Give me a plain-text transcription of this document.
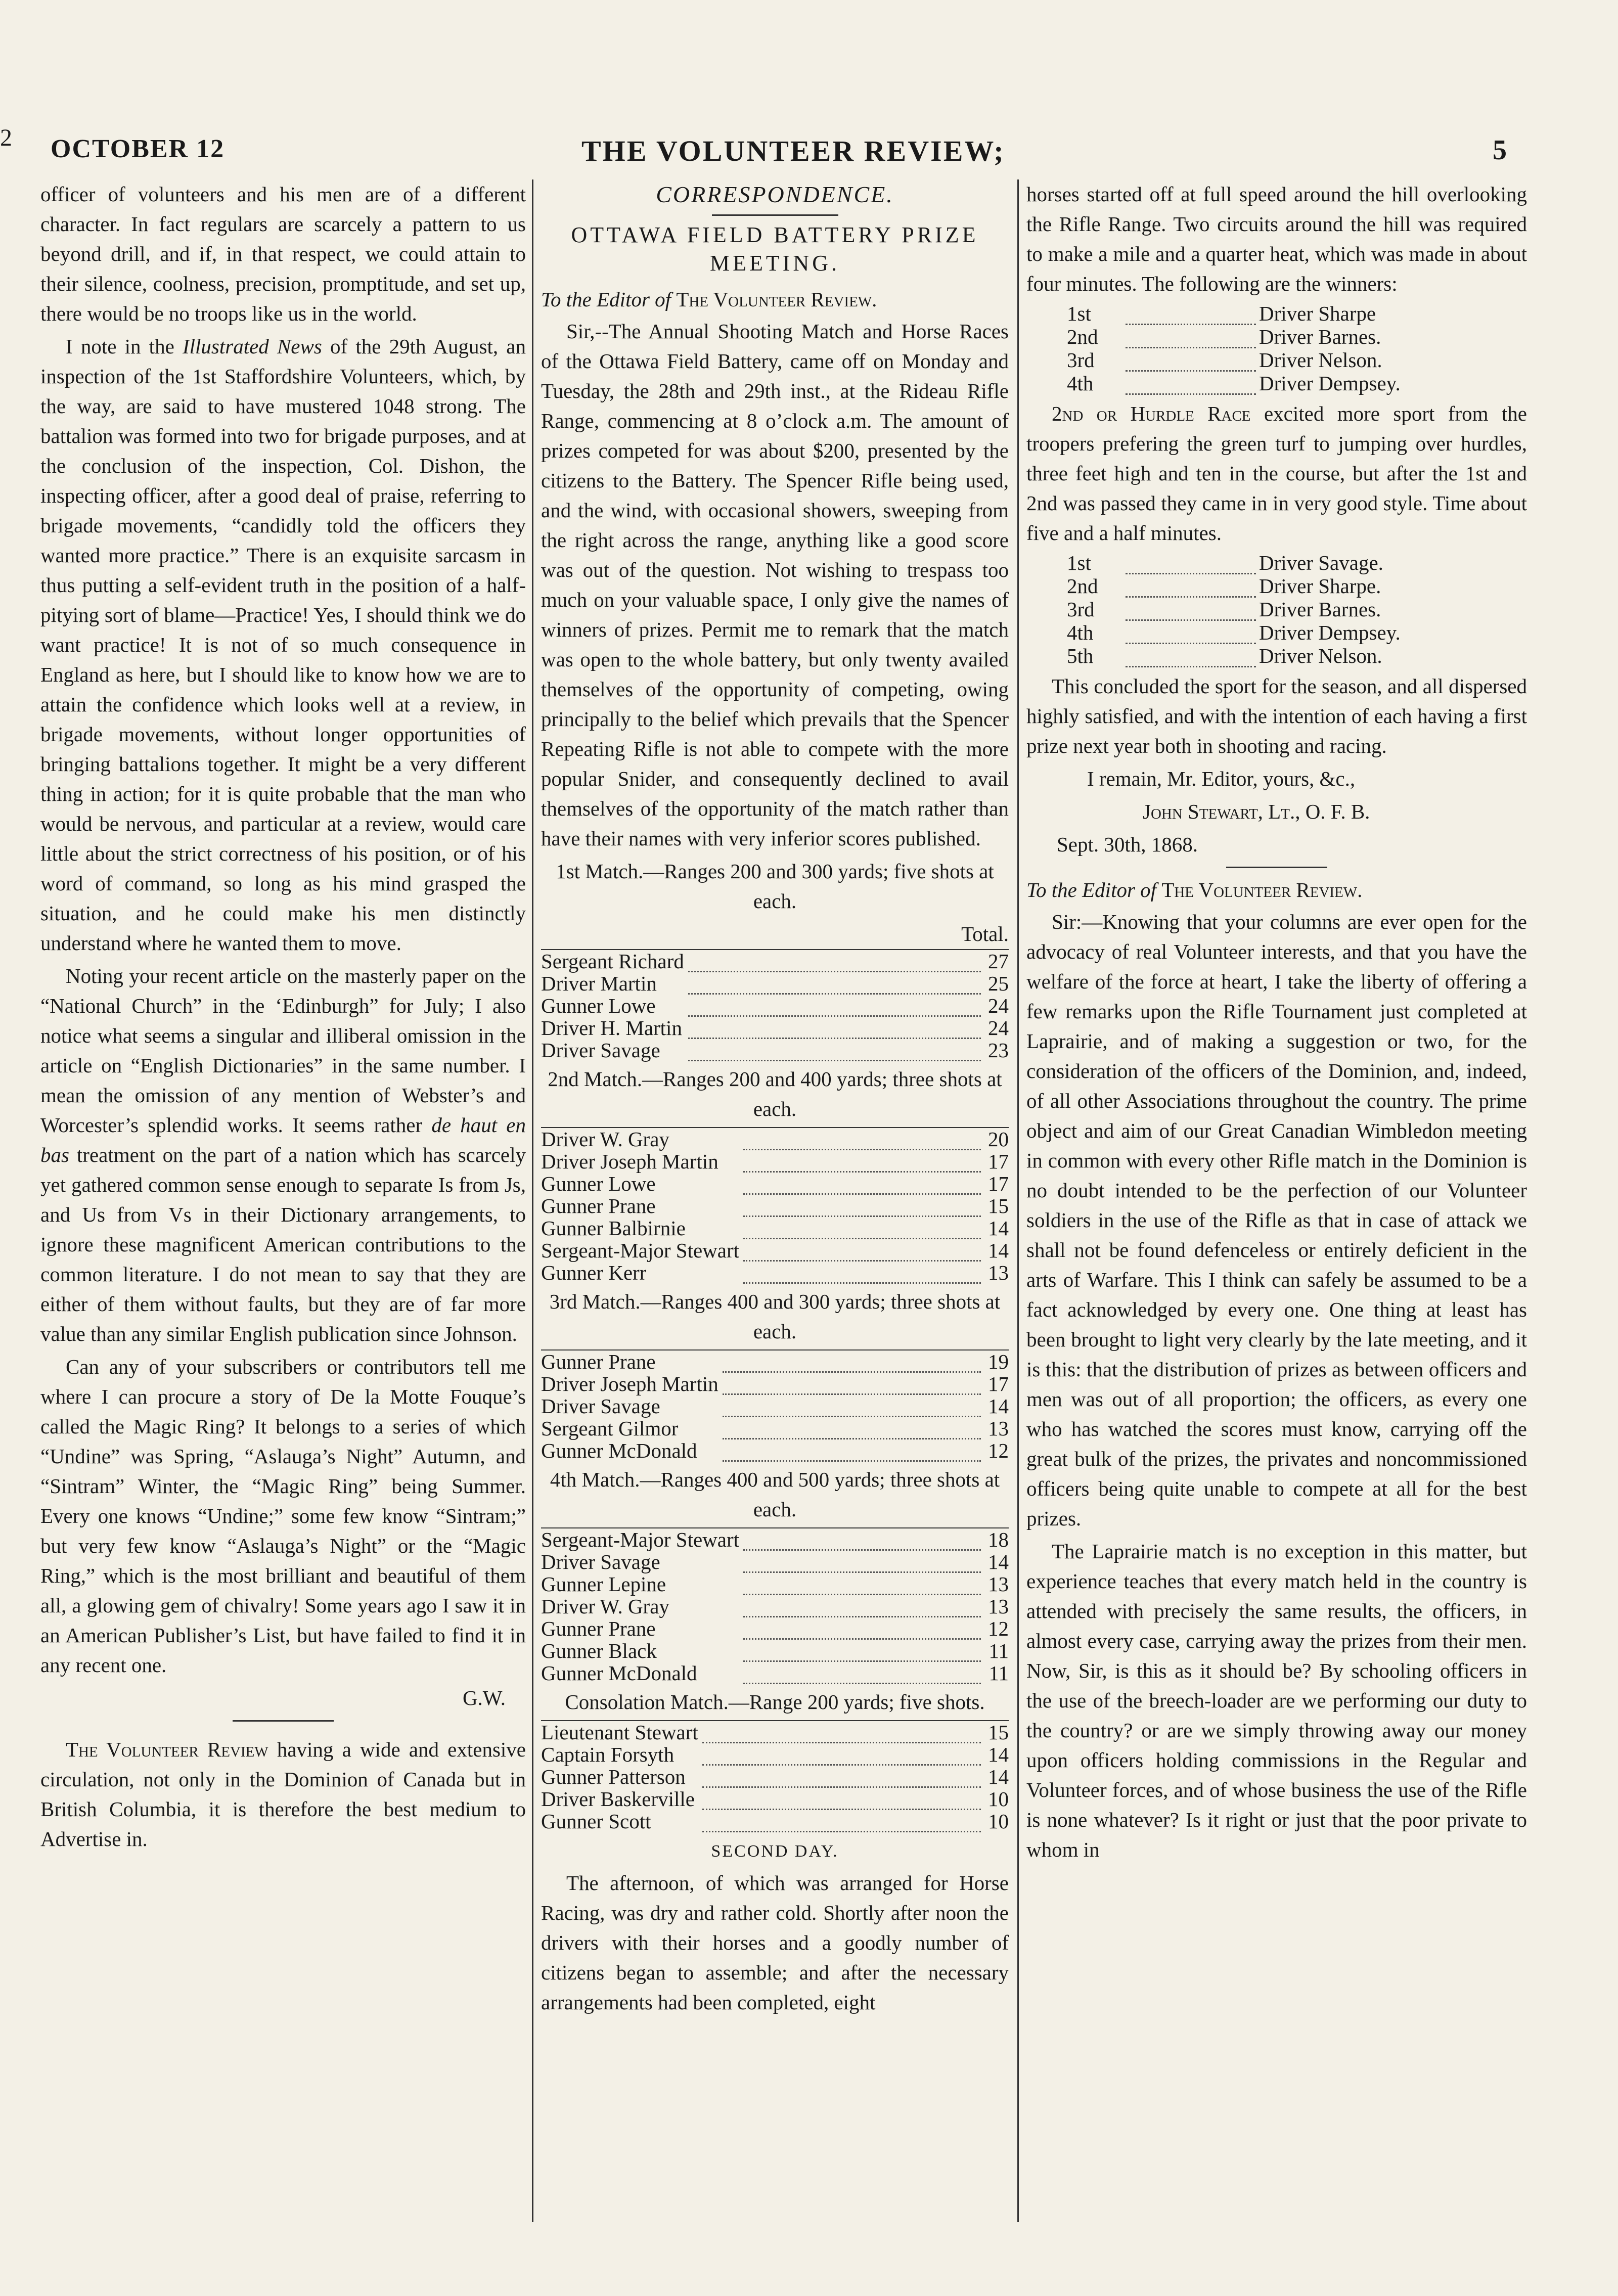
2 OCTOBER 12	THE VOLUNTEER REVIEW;	5

officer of volunteers and his men are of a different character. In fact regulars are scarcely a pattern to us beyond drill, and if, in that respect, we could attain to their silence, coolness, precision, promptitude, and set up, there would be no troops like us in the world.

I note in the Illustrated News of the 29th August, an inspection of the 1st Staffordshire Volunteers, which, by the way, are said to have mustered 1048 strong. The battalion was formed into two for brigade purposes, and at the conclusion of the inspection, Col. Dishon, the inspecting officer, after a good deal of praise, referring to brigade movements, “candidly told the officers they wanted more practice.” There is an exquisite sarcasm in thus putting a self-evident truth in the position of a half-pitying sort of blame—Practice! Yes, I should think we do want practice! It is not of so much consequence in England as here, but I should like to know how we are to attain the confidence which looks well at a review, in brigade movements, without longer opportunities of bringing battalions together. It might be a very different thing in action; for it is quite probable that the man who would be nervous, and particular at a review, would care little about the strict correctness of his position, or of his word of command, so long as his mind grasped the situation, and he could make his men distinctly understand where he wanted them to move.

Noting your recent article on the masterly paper on the “National Church” in the ‘Edinburgh” for July; I also notice what seems a singular and illiberal omission in the article on “English Dictionaries” in the same number. I mean the omission of any mention of Webster’s and Worcester’s splendid works. It seems rather de haut en bas treatment on the part of a nation which has scarcely yet gathered common sense enough to separate Is from Js, and Us from Vs in their Dictionary arrangements, to ignore these magnificent American contributions to the common literature. I do not mean to say that they are either of them without faults, but they are of far more value than any similar English publication since Johnson.

Can any of your subscribers or contributors tell me where I can procure a story of De la Motte Fouque’s called the Magic Ring? It belongs to a series of which “Undine” was Spring, “Aslauga’s Night” Autumn, and “Sintram” Winter, the “Magic Ring” being Summer. Every one knows “Undine;” some few know “Sintram;” but very few know “Aslauga’s Night” or the “Magic Ring,” which is the most brilliant and beautiful of them all, a glowing gem of chivalry! Some years ago I saw it in an American Publisher’s List, but have failed to find it in any recent one.

G.W.

The Volunteer Review having a wide and extensive circulation, not only in the Dominion of Canada but in British Columbia, it is therefore the best medium to Advertise in.

CORRESPONDENCE.
OTTAWA FIELD BATTERY PRIZE MEETING.
To the Editor of The Volunteer Review.

Sir,--The Annual Shooting Match and Horse Races of the Ottawa Field Battery, came off on Monday and Tuesday, the 28th and 29th inst., at the Rideau Rifle Range, commencing at 8 o’clock a.m. The amount of prizes competed for was about $200, presented by the citizens to the Battery. The Spencer Rifle being used, and the wind, with occasional showers, sweeping from the right across the range, anything like a good score was out of the question. Not wishing to trespass too much on your valuable space, I only give the names of winners of prizes. Permit me to remark that the match was open to the whole battery, but only twenty availed themselves of the opportunity of competing, owing principally to the belief which prevails that the Spencer Repeating Rifle is not able to compete with the more popular Snider, and consequently declined to avail themselves of the opportunity of the match rather than have their names with very inferior scores published.

1st Match.—Ranges 200 and 300 yards; five shots at each.

Total.

Sergeant Richard		27
Driver Martin		25
Gunner Lowe		24
Driver H. Martin		24
Driver Savage		23

2nd Match.—Ranges 200 and 400 yards; three shots at each.

Driver W. Gray		20
Driver Joseph Martin		17
Gunner Lowe		17
Gunner Prane		15
Gunner Balbirnie		14
Sergeant-Major Stewart		14
Gunner Kerr		13

3rd Match.—Ranges 400 and 300 yards; three shots at each.

Gunner Prane		19
Driver Joseph Martin		17
Driver Savage		14
Sergeant Gilmor		13
Gunner McDonald		12

4th Match.—Ranges 400 and 500 yards; three shots at each.

Sergeant-Major Stewart		18
Driver Savage		14
Gunner Lepine		13
Driver W. Gray		13
Gunner Prane		12
Gunner Black		11
Gunner McDonald		11

Consolation Match.—Range 200 yards; five shots.

Lieutenant Stewart		15
Captain Forsyth		14
Gunner Patterson		14
Driver Baskerville		10
Gunner Scott		10
SECOND DAY.

The afternoon, of which was arranged for Horse Racing, was dry and rather cold. Shortly after noon the drivers with their horses and a goodly number of citizens began to assemble; and after the necessary arrangements had been completed, eight

horses started off at full speed around the hill overlooking the Rifle Range. Two circuits around the hill was required to make a mile and a quarter heat, which was made in about four minutes. The following are the winners:

1st		Driver Sharpe
2nd		Driver Barnes.
3rd		Driver Nelson.
4th		Driver Dempsey.

2nd or Hurdle Race excited more sport from the troopers prefering the green turf to jumping over hurdles, three feet high and ten in the course, but after the 1st and 2nd was passed they came in in very good style. Time about five and a half minutes.

1st		Driver Savage.
2nd		Driver Sharpe.
3rd		Driver Barnes.
4th		Driver Dempsey.
5th		Driver Nelson.

This concluded the sport for the season, and all dispersed highly satisfied, and with the intention of each having a first prize next year both in shooting and racing.

I remain, Mr. Editor, yours, &c.,

John Stewart, Lt., O. F. B.

Sept. 30th, 1868.

To the Editor of The Volunteer Review.

Sir:—Knowing that your columns are ever open for the advocacy of real Volunteer interests, and that you have the welfare of the force at heart, I take the liberty of offering a few remarks upon the Rifle Tournament just completed at Laprairie, and of making a suggestion or two, for the consideration of the officers of the Dominion, and, indeed, of all other Associations throughout the country. The prime object and aim of our Great Canadian Wimbledon meeting in common with every other Rifle match in the Dominion is no doubt intended to be the perfection of our Volunteer soldiers in the use of the Rifle as that in case of attack we shall not be found defenceless or entirely deficient in the arts of Warfare. This I think can safely be assumed to be a fact acknowledged by every one. One thing at least has been brought to light very clearly by the late meeting, and it is this: that the distribution of prizes as between officers and men was out of all proportion; the officers, as every one who has watched the scores must know, carrying off the great bulk of the prizes, the privates and noncommissioned officers being quite unable to compete at all for the best prizes.

The Laprairie match is no exception in this matter, but experience teaches that every match held in the country is attended with precisely the same results, the officers, in almost every case, carrying away the prizes from their men. Now, Sir, is this as it should be? By schooling officers in the use of the breech-loader are we performing our duty to the country? or are we simply throwing away our money upon officers holding commissions in the Regular and Volunteer forces, and of whose business the use of the Rifle is none whatever? Is it right or just that the poor private to whom in
